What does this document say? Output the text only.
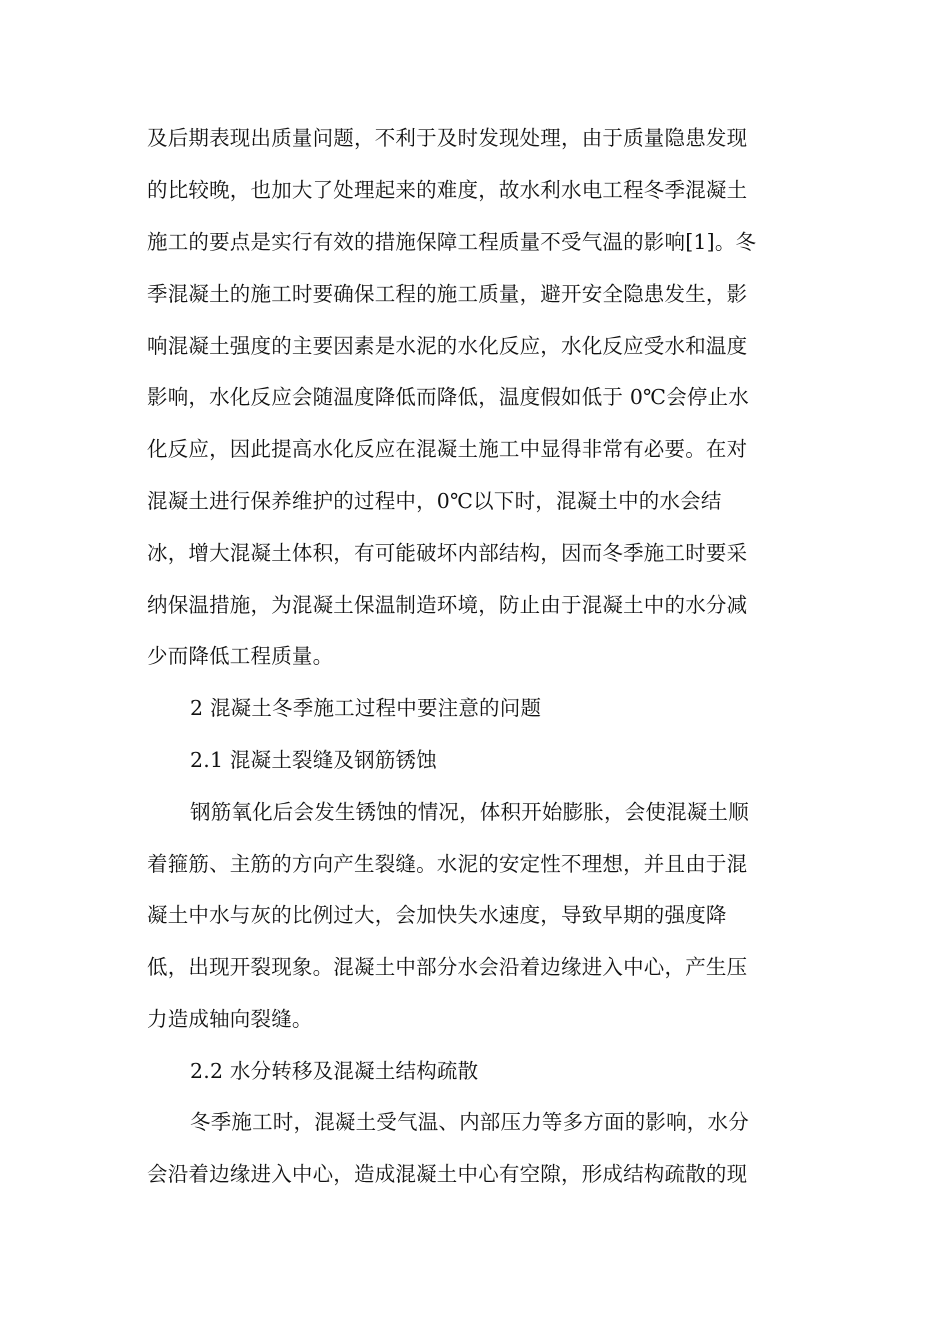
及后期表现出质量问题，不利于及时发现处理，由于质量隐患发现
的比较晚，也加大了处理起来的难度，故水利水电工程冬季混凝土
施工的要点是实行有效的措施保障工程质量不受气温的影响[1]。冬
季混凝土的施工时要确保工程的施工质量，避开安全隐患发生，影
响混凝土强度的主要因素是水泥的水化反应，水化反应受水和温度
影响，水化反应会随温度降低而降低，温度假如低于 0℃会停止水
化反应，因此提高水化反应在混凝土施工中显得非常有必要。在对
混凝土进行保养维护的过程中，0℃以下时，混凝土中的水会结
冰，增大混凝土体积，有可能破坏内部结构，因而冬季施工时要采
纳保温措施，为混凝土保温制造环境，防止由于混凝土中的水分减
少而降低工程质量。
2 混凝土冬季施工过程中要注意的问题
2.1 混凝土裂缝及钢筋锈蚀
钢筋氧化后会发生锈蚀的情况，体积开始膨胀，会使混凝土顺
着箍筋、主筋的方向产生裂缝。水泥的安定性不理想，并且由于混
凝土中水与灰的比例过大，会加快失水速度，导致早期的强度降
低，出现开裂现象。混凝土中部分水会沿着边缘进入中心，产生压
力造成轴向裂缝。
2.2 水分转移及混凝土结构疏散
冬季施工时，混凝土受气温、内部压力等多方面的影响，水分
会沿着边缘进入中心，造成混凝土中心有空隙，形成结构疏散的现
